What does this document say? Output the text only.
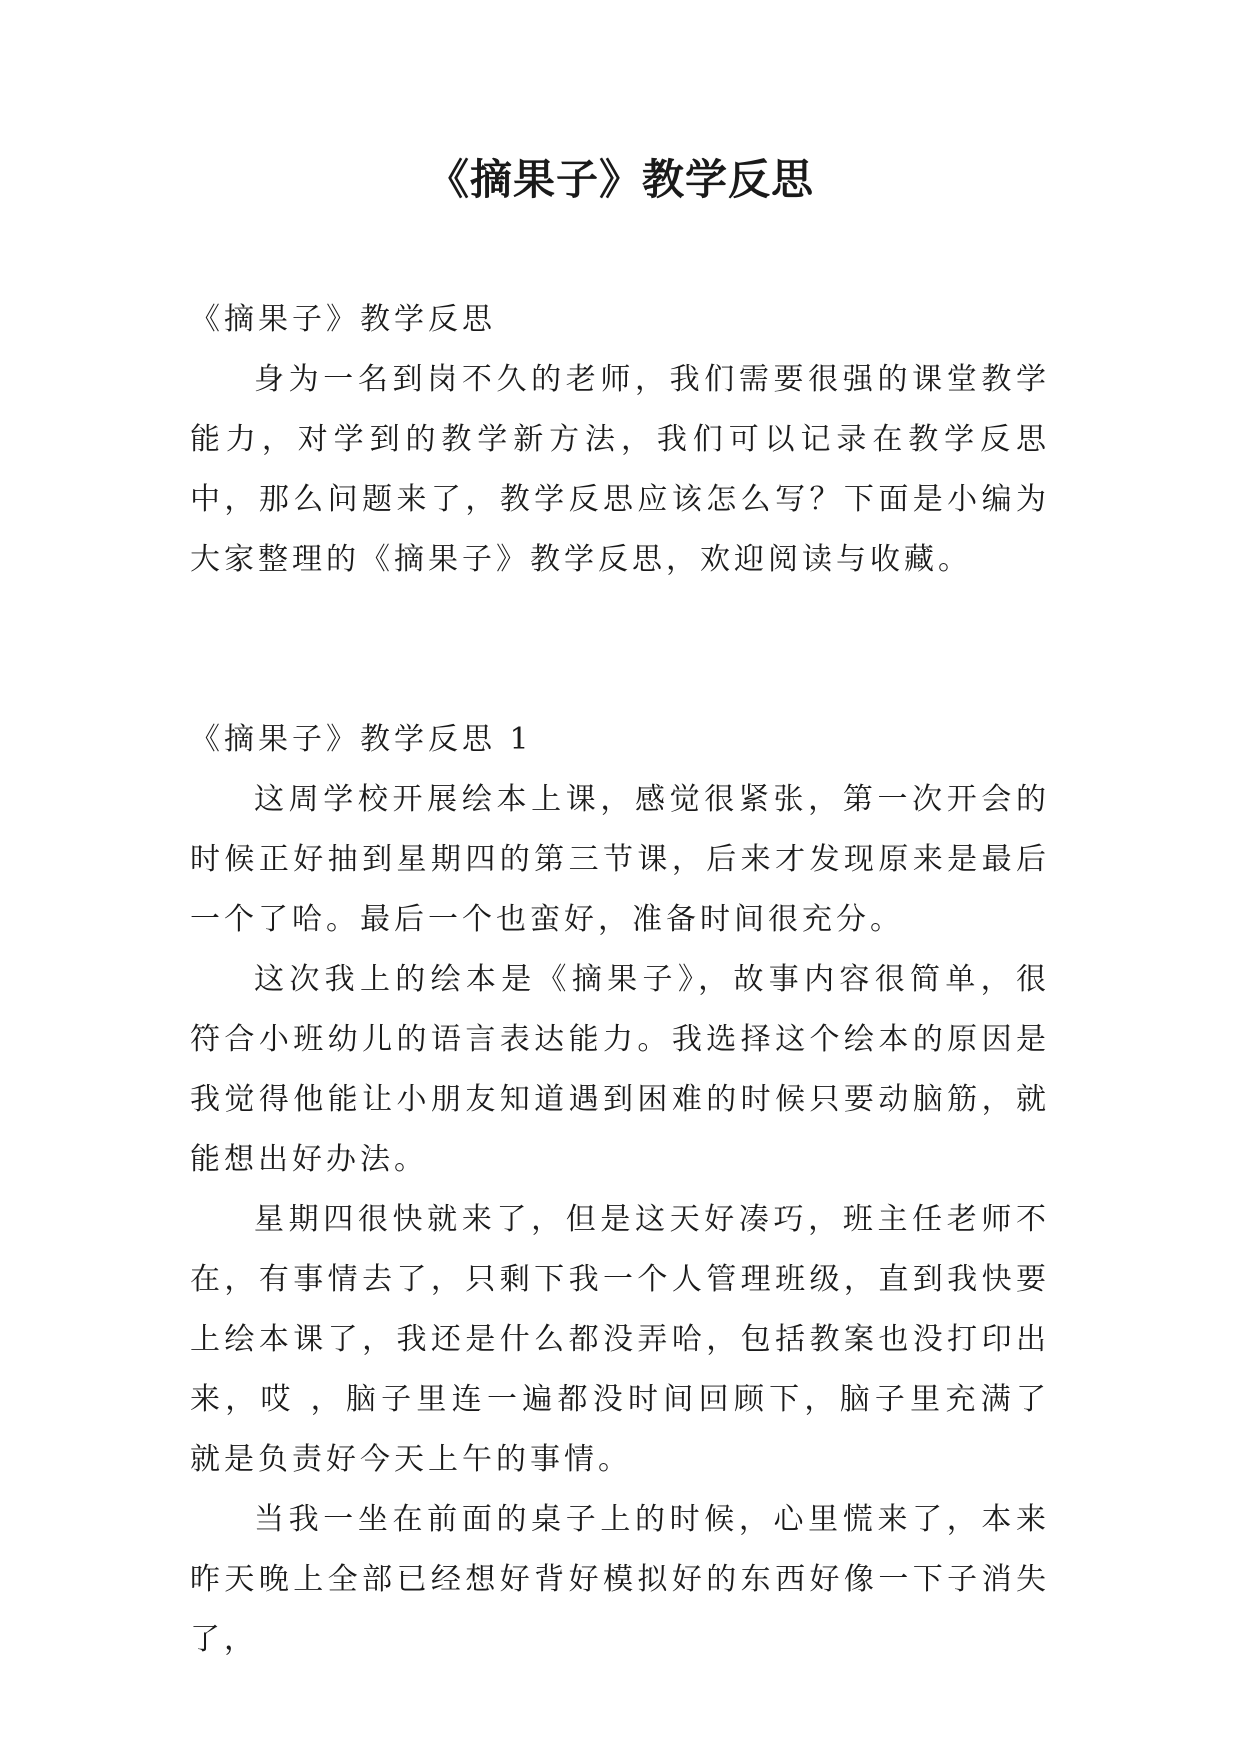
《摘果子》教学反思

《摘果子》教学反思

身为一名到岗不久的老师，我们需要很强的课堂教学能力，对学到的教学新方法，我们可以记录在教学反思中，那么问题来了，教学反思应该怎么写？下面是小编为大家整理的《摘果子》教学反思，欢迎阅读与收藏。

《摘果子》教学反思 1

这周学校开展绘本上课，感觉很紧张，第一次开会的时候正好抽到星期四的第三节课，后来才发现原来是最后一个了哈。最后一个也蛮好，准备时间很充分。

这次我上的绘本是《摘果子》，故事内容很简单，很符合小班幼儿的语言表达能力。我选择这个绘本的原因是我觉得他能让小朋友知道遇到困难的时候只要动脑筋，就能想出好办法。

星期四很快就来了，但是这天好凑巧，班主任老师不在，有事情去了，只剩下我一个人管理班级，直到我快要上绘本课了，我还是什么都没弄哈，包括教案也没打印出来，哎 ，脑子里连一遍都没时间回顾下，脑子里充满了就是负责好今天上午的事情。

当我一坐在前面的桌子上的时候，心里慌来了，本来昨天晚上全部已经想好背好模拟好的东西好像一下子消失了，
